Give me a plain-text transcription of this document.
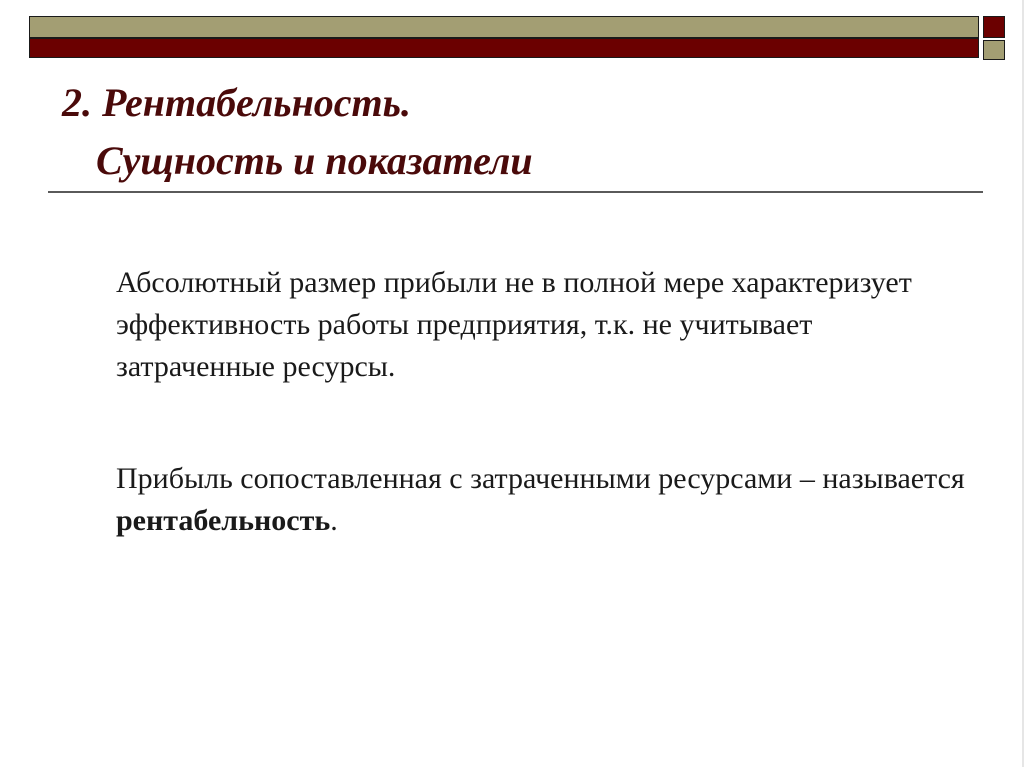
2. Рентабельность.
Сущность и показатели
Абсолютный размер прибыли не в полной мере характеризует эффективность работы предприятия, т.к. не учитывает затраченные ресурсы.
Прибыль сопоставленная с затраченными ресурсами – называется рентабельность.
